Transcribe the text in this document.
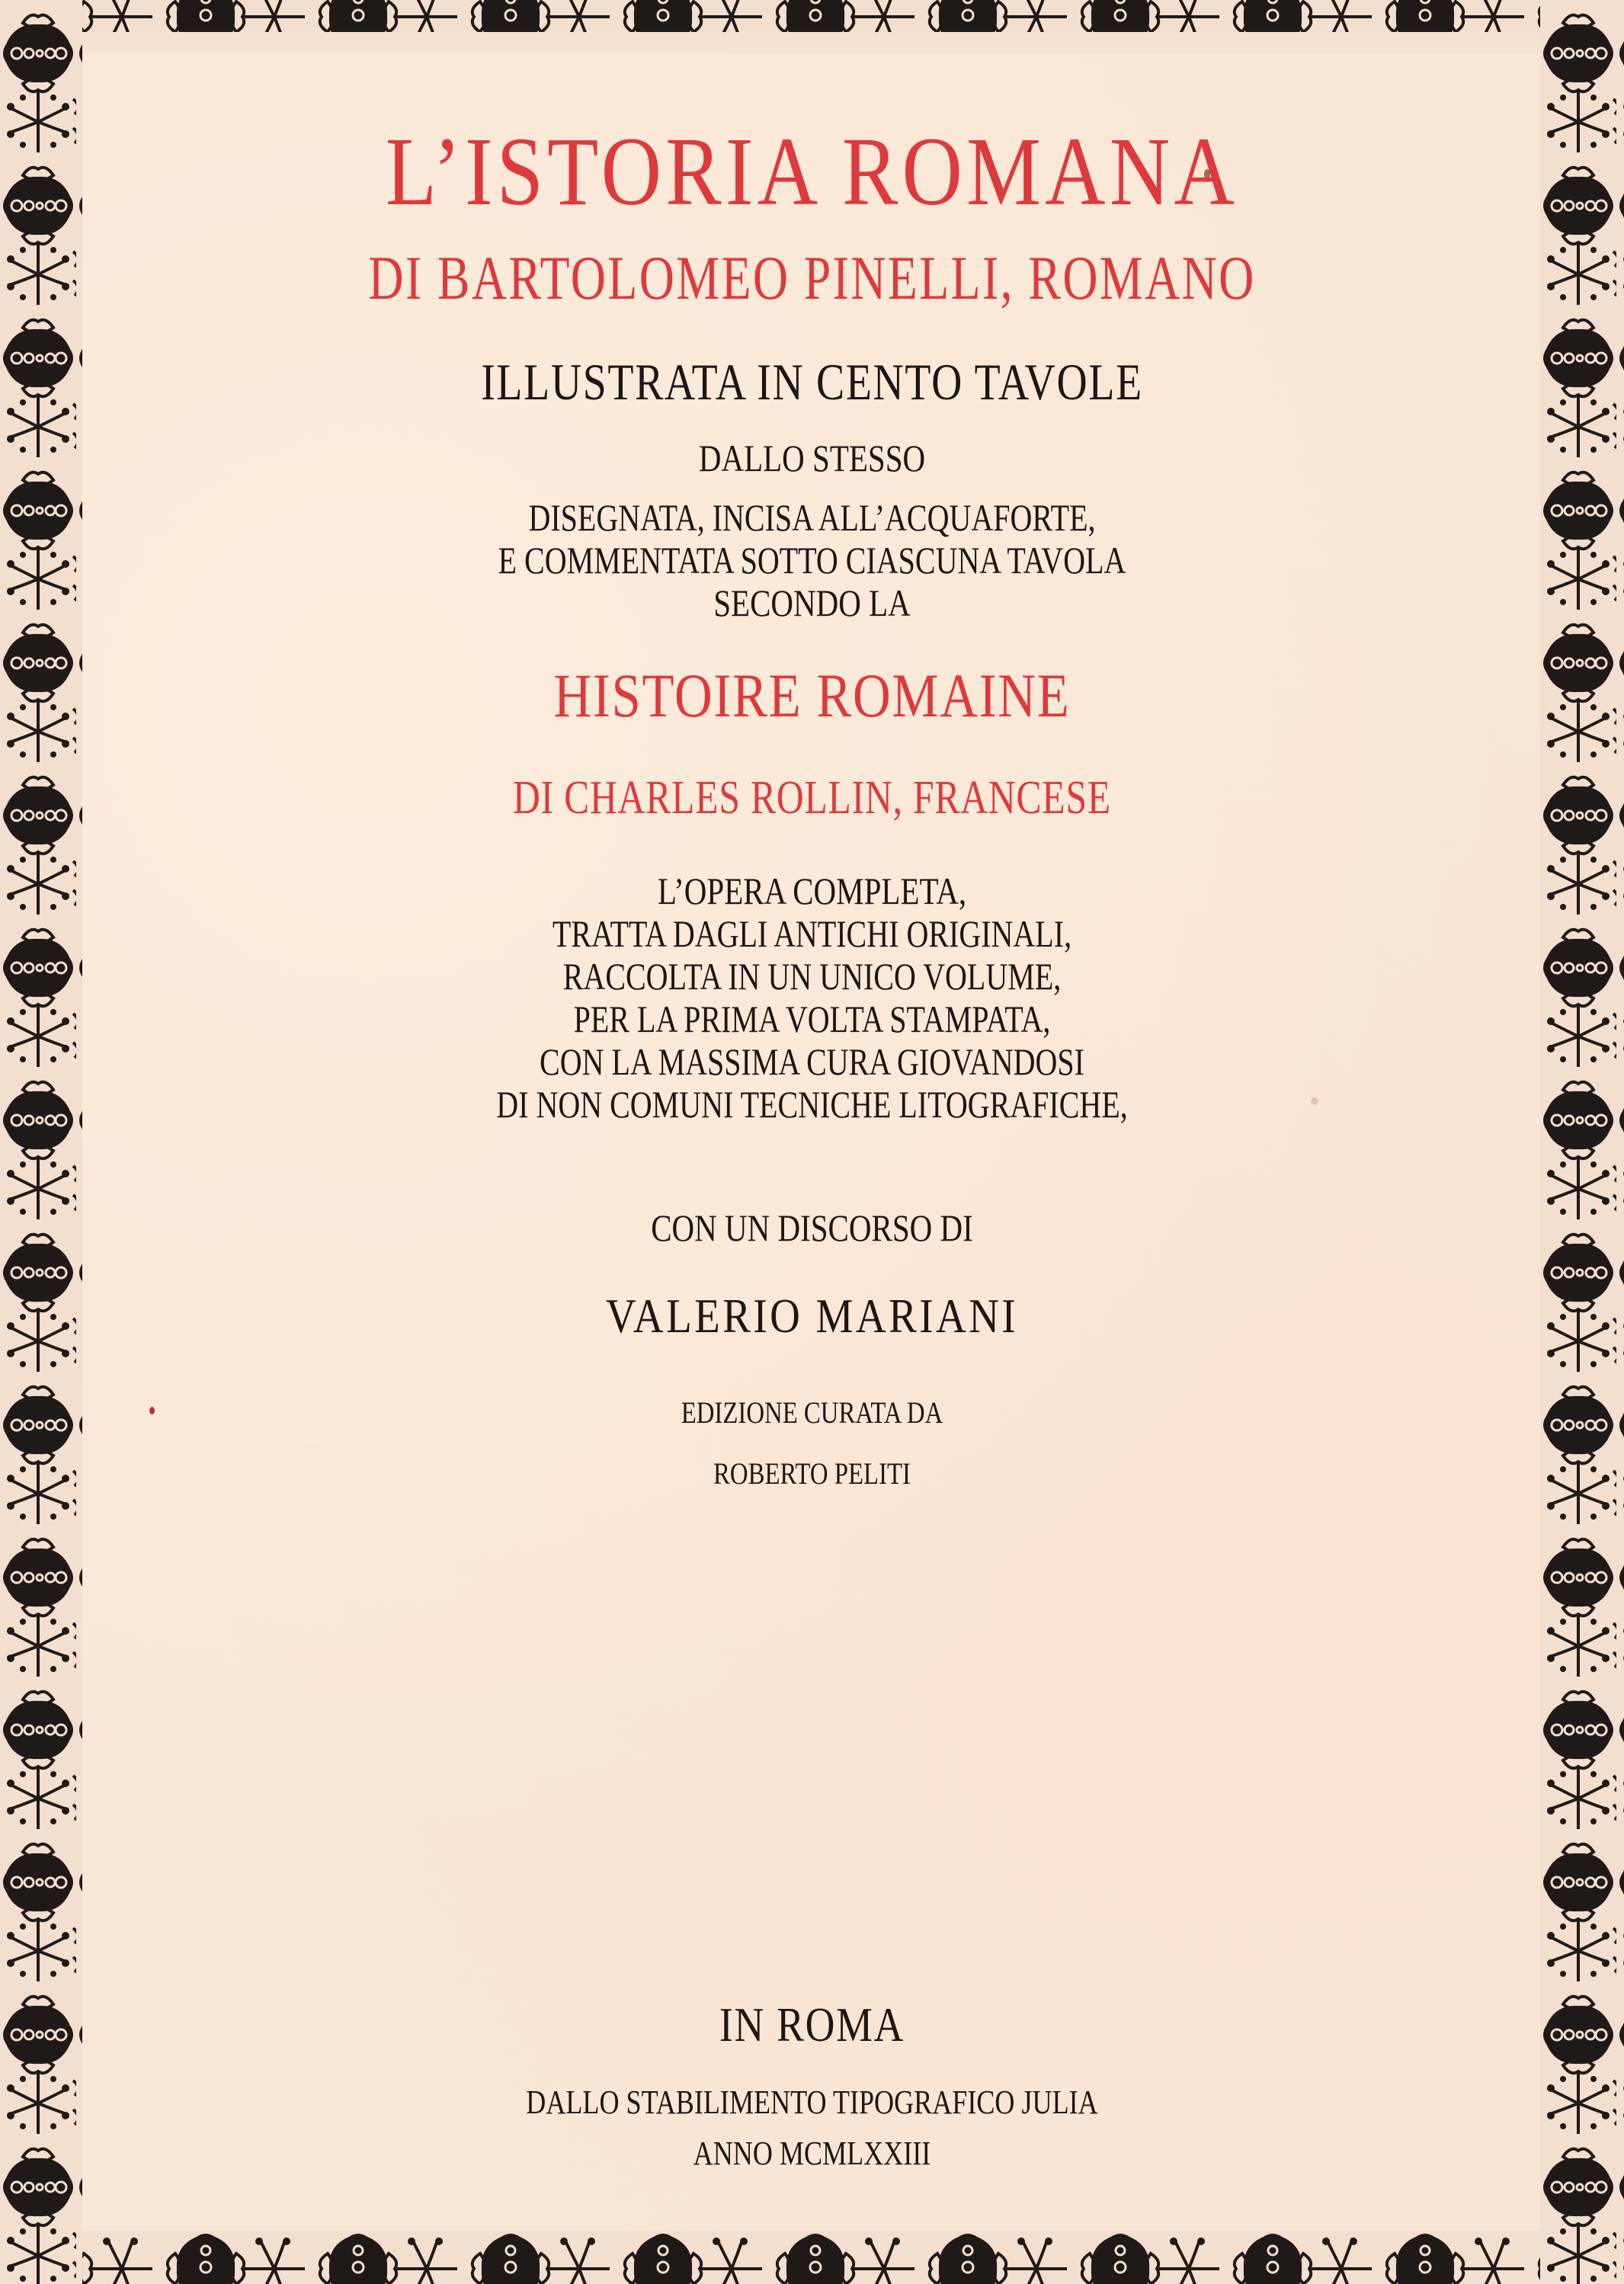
L’ISTORIA ROMANA
DI BARTOLOMEO PINELLI, ROMANO
ILLUSTRATA IN CENTO TAVOLE
DALLO STESSO
DISEGNATA, INCISA ALL’ACQUAFORTE,
E COMMENTATA SOTTO CIASCUNA TAVOLA
SECONDO LA
HISTOIRE ROMAINE
DI CHARLES ROLLIN, FRANCESE
L’OPERA COMPLETA,
TRATTA DAGLI ANTICHI ORIGINALI,
RACCOLTA IN UN UNICO VOLUME,
PER LA PRIMA VOLTA STAMPATA,
CON LA MASSIMA CURA GIOVANDOSI
DI NON COMUNI TECNICHE LITOGRAFICHE,
CON UN DISCORSO DI
VALERIO MARIANI
EDIZIONE CURATA DA
ROBERTO PELITI
IN ROMA
DALLO STABILIMENTO TIPOGRAFICO JULIA
ANNO MCMLXXIII
